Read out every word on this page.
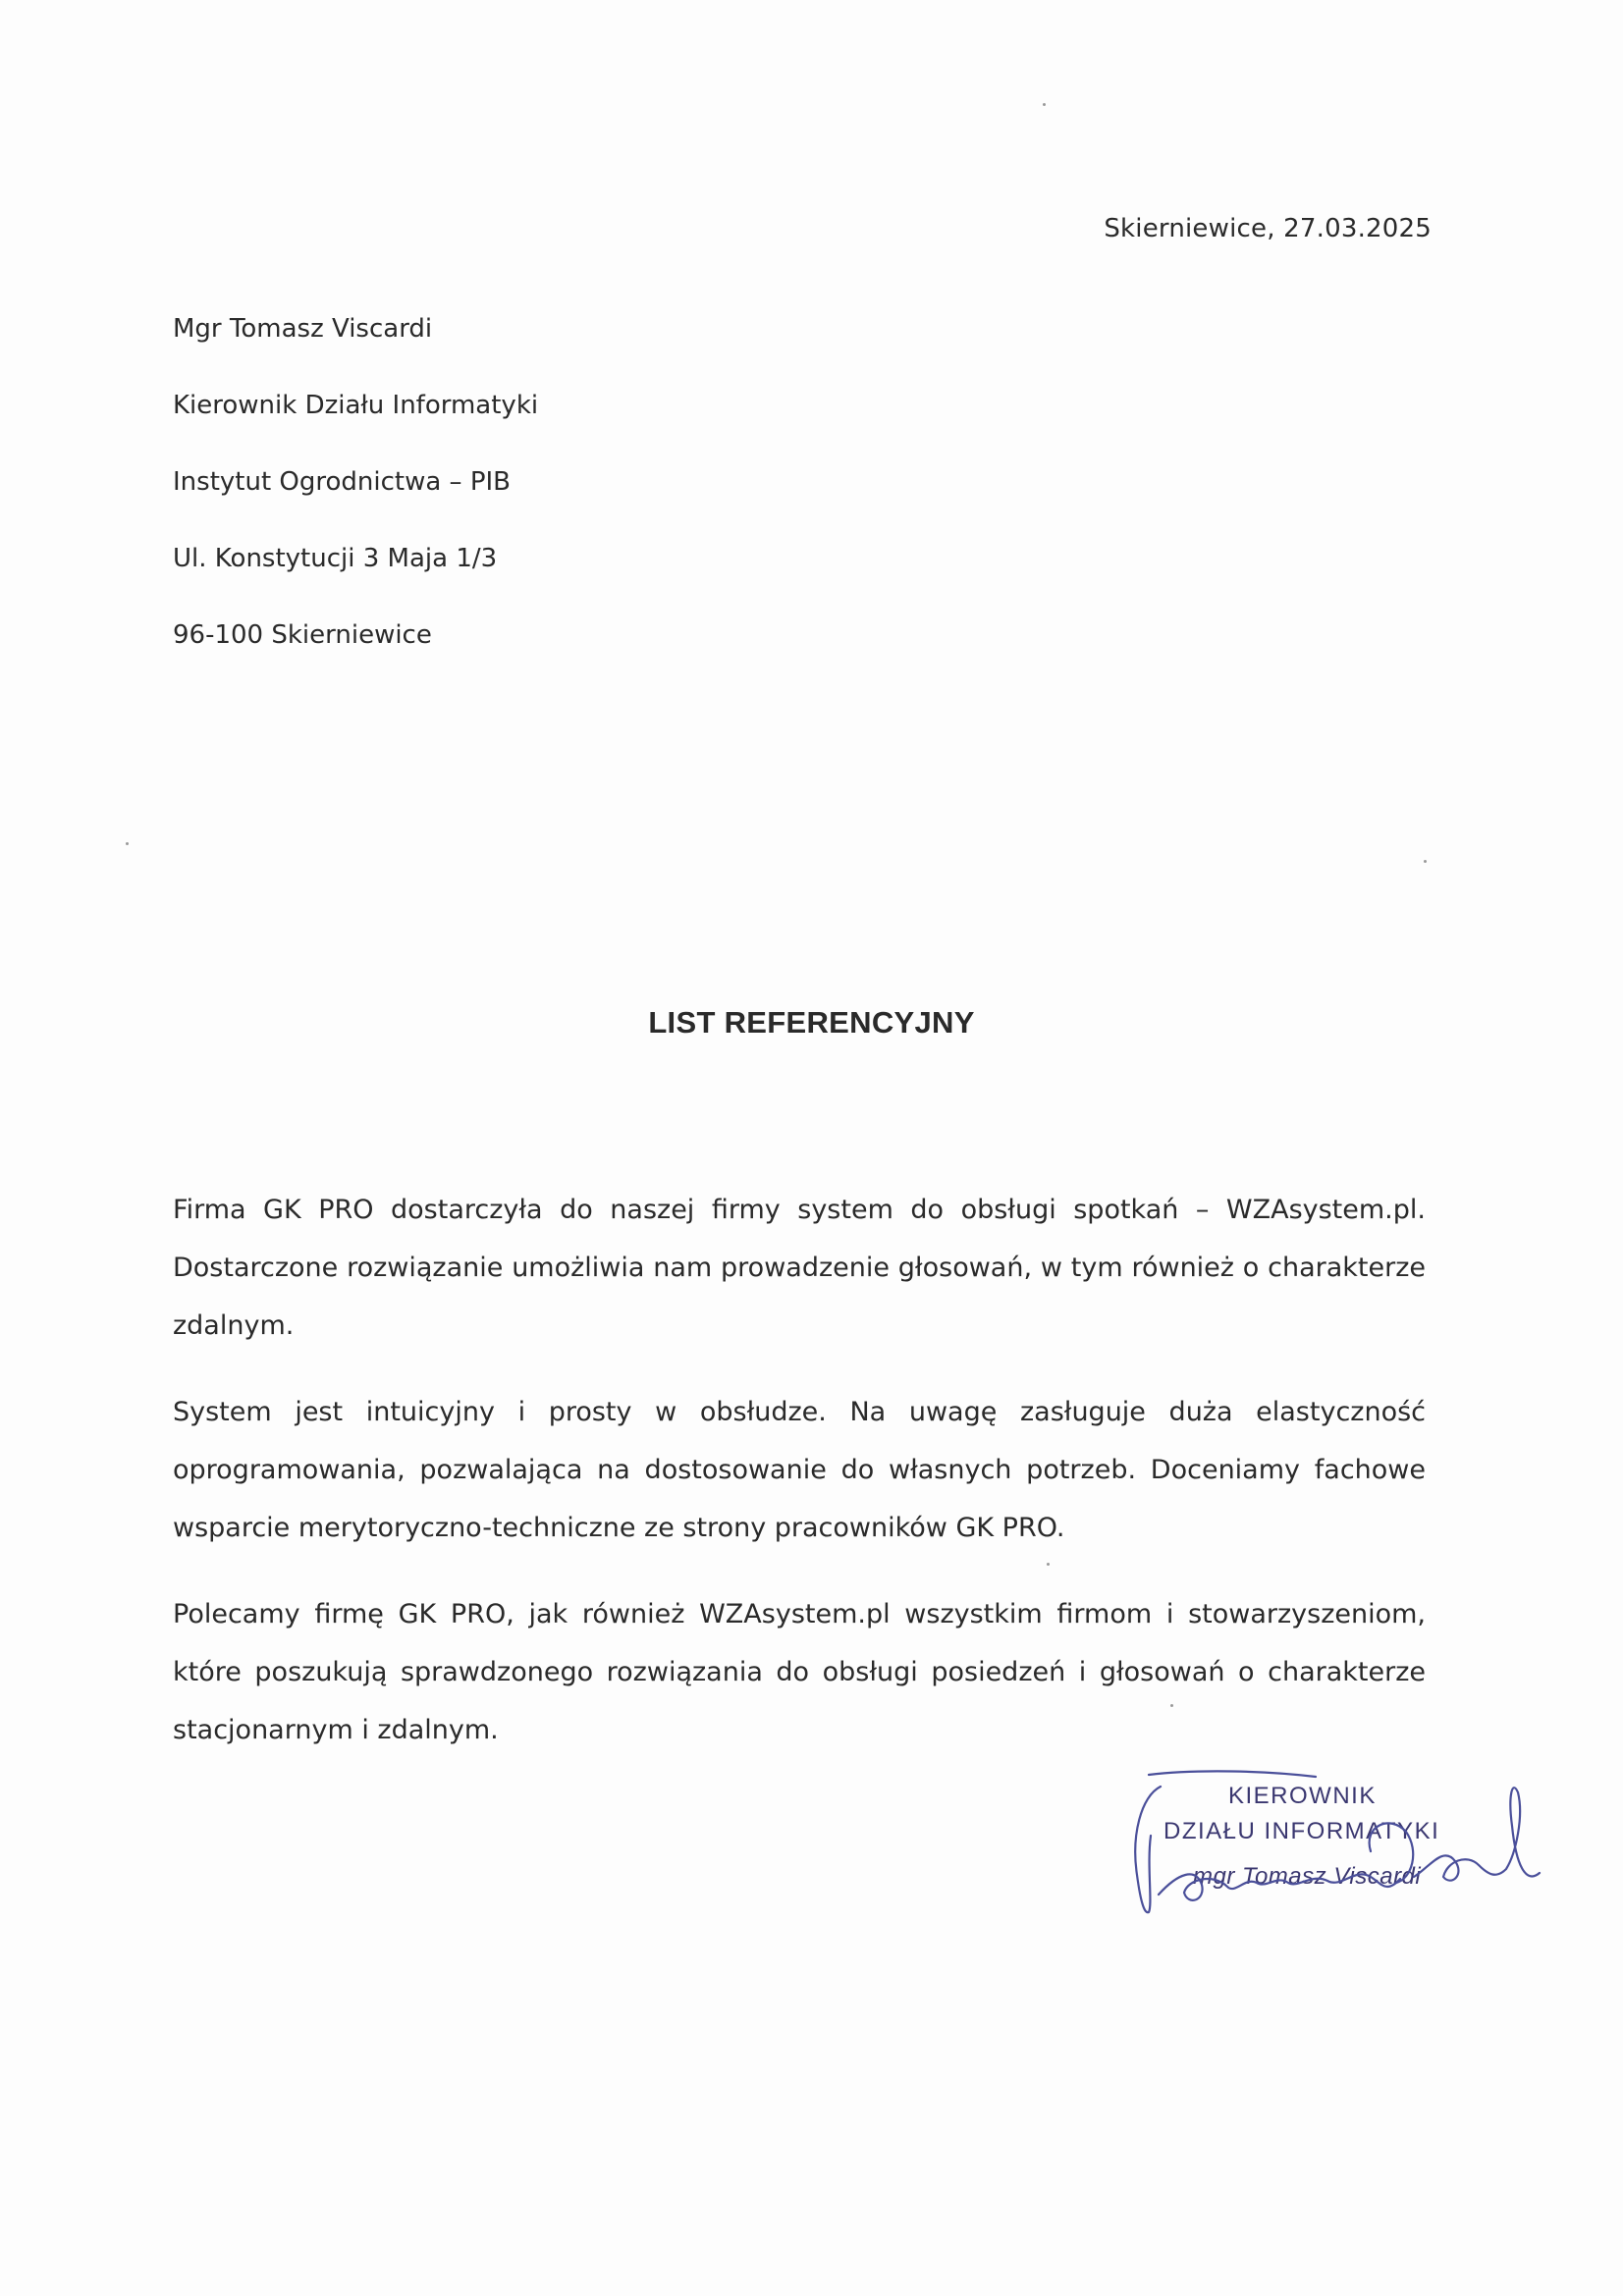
Skierniewice, 27.03.2025
Mgr Tomasz Viscardi
Kierownik Działu Informatyki
Instytut Ogrodnictwa – PIB
Ul. Konstytucji 3 Maja 1/3
96-100 Skierniewice
LIST REFERENCYJNY

Firma GK PRO dostarczyła do naszej firmy system do obsługi spotkań – WZAsystem.pl. Dostarczone rozwiązanie umożliwia nam prowadzenie głosowań, w tym również o charakterze zdalnym.

System jest intuicyjny i prosty w obsłudze. Na uwagę zasługuje duża elastyczność oprogramowania, pozwalająca na dostosowanie do własnych potrzeb. Doceniamy fachowe wsparcie merytoryczno-techniczne ze strony pracowników GK PRO.

Polecamy firmę GK PRO, jak również WZAsystem.pl wszystkim firmom i stowarzyszeniom, które poszukują sprawdzonego rozwiązania do obsługi posiedzeń i głosowań o charakterze stacjonarnym i zdalnym.

KIEROWNIK
DZIAŁU INFORMATYKI
mgr Tomasz Viscardi
